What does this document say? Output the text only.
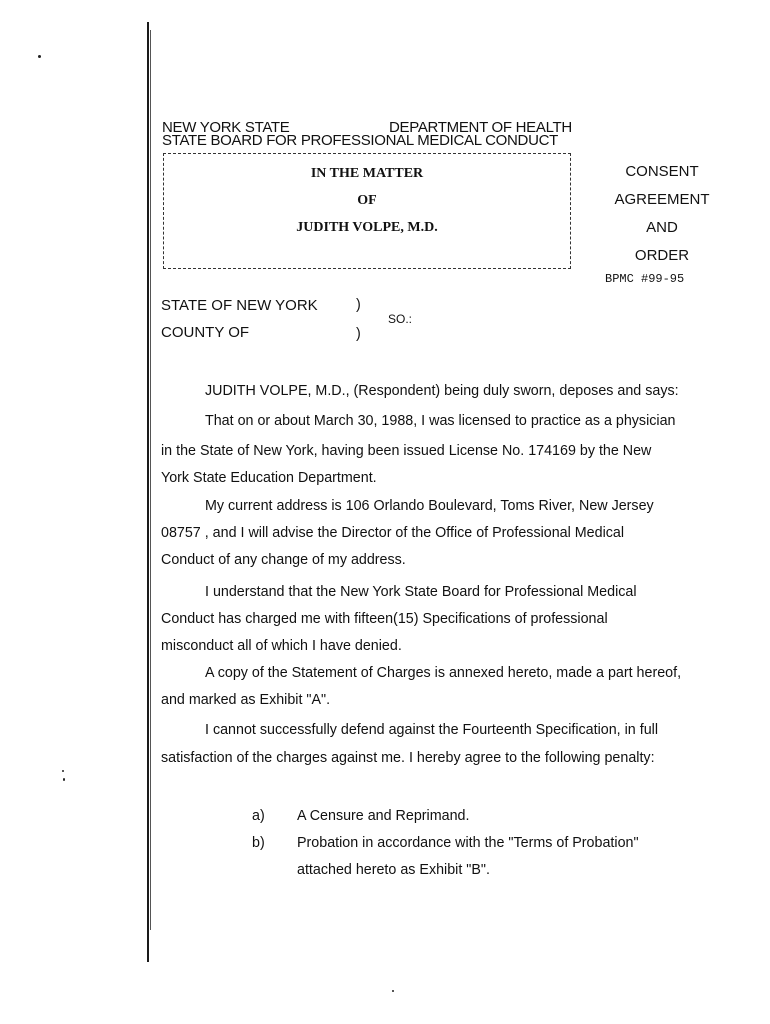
NEW YORK STATE	DEPARTMENT OF HEALTH
STATE BOARD FOR PROFESSIONAL MEDICAL CONDUCT
IN THE MATTER
OF
JUDITH VOLPE, M.D.
CONSENT
AGREEMENT
AND
ORDER
BPMC #99-95
STATE OF NEW YORK
COUNTY OF
)
)
SO.:
JUDITH VOLPE, M.D., (Respondent) being duly sworn, deposes and says:
That on or about March 30, 1988, I was licensed to practice as a physician
in the State of New York, having been issued License No. 174169 by the New
York State Education Department.
My current address is 106 Orlando Boulevard, Toms River, New Jersey
08757 , and I will advise the Director of the Office of Professional Medical
Conduct of any change of my address.
I understand that the New York State Board for Professional Medical
Conduct has charged me with fifteen(15) Specifications of professional
misconduct all of which I have denied.
A copy of the Statement of Charges is annexed hereto, made a part hereof,
and marked as Exhibit "A".
I cannot successfully defend against the Fourteenth Specification, in full
satisfaction of the charges against me. I hereby agree to the following penalty:
a) A Censure and Reprimand.
b) Probation in accordance with the "Terms of Probation"
attached hereto as Exhibit "B".
